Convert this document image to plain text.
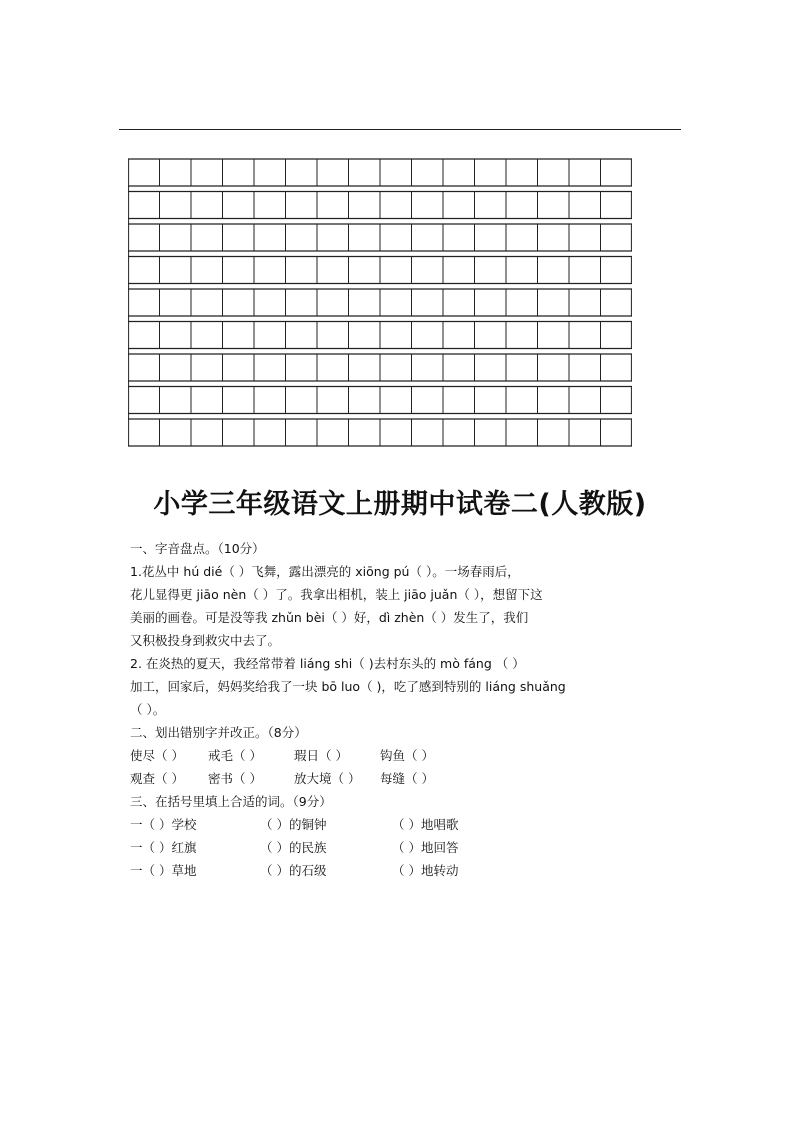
小学三年级语文上册期中试卷二(人教版)
一、字音盘点。（10分）
1.花丛中 hú dié（ ）飞舞，露出漂亮的 xiōng pú（ ）。一场春雨后，
花儿显得更 jiāo nèn（ ）了。我拿出相机，装上 jiāo juǎn（ ），想留下这
美丽的画卷。可是没等我 zhǔn bèi（ ）好，dì zhèn（ ）发生了，我们
又积极投身到救灾中去了。
2. 在炎热的夏天，我经常带着 liáng shi（ )去村东头的 mò fáng （ ）
加工，回家后，妈妈奖给我了一块 bō luo（ )，吃了感到特别的 liáng shuǎng
（ ）。
二、划出错别字并改正。（8分）
使尽（ ）	戒毛（ ）	瑕日（ ）	钩鱼（ ）
观查（ ）	密书（ ）	放大境（ ）	每缝（ ）
三、在括号里填上合适的词。（9分）
一（ ）学校	（ ）的铜钟	（ ）地唱歌
一（ ）红旗	（ ）的民族	（ ）地回答
一（ ）草地	（ ）的石级	（ ）地转动
